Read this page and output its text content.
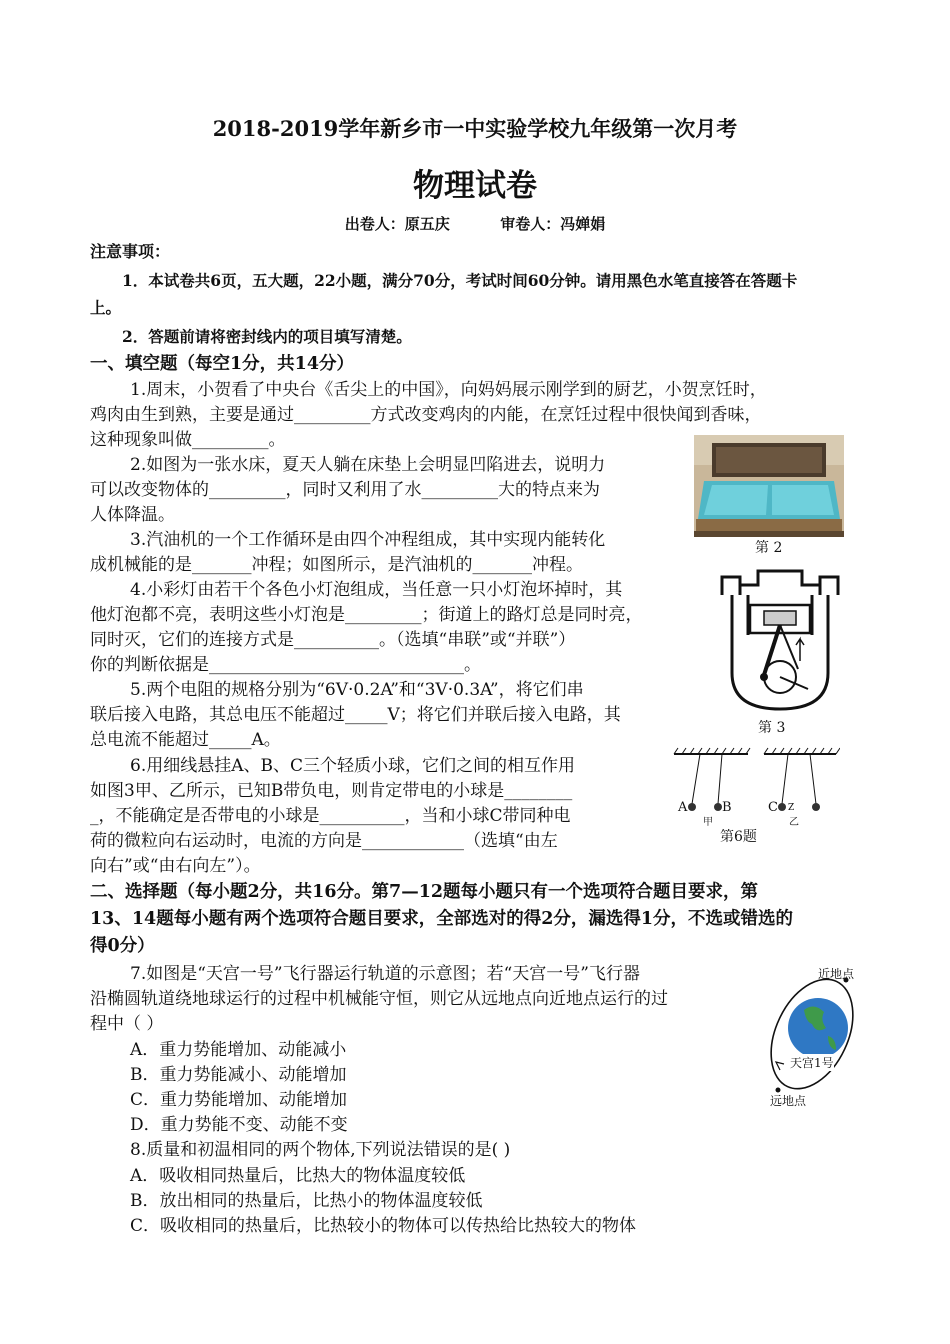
2018-2019学年新乡市一中实验学校九年级第一次月考
物理试卷
出卷人：原五庆	审卷人：冯婵娟
注意事项：
1．本试卷共6页，五大题，22小题，满分70分，考试时间60分钟。请用黑色水笔直接答在答题卡
上。
2．答题前请将密封线内的项目填写清楚。
一、填空题（每空1分，共14分）
1.周末，小贺看了中央台《舌尖上的中国》，向妈妈展示刚学到的厨艺，小贺烹饪时，
鸡肉由生到熟，主要是通过_________方式改变鸡肉的内能，在烹饪过程中很快闻到香味，
这种现象叫做_________。
2.如图为一张水床，夏天人躺在床垫上会明显凹陷进去，说明力
可以改变物体的_________，同时又利用了水_________大的特点来为
人体降温。
3.汽油机的一个工作循环是由四个冲程组成，其中实现内能转化
成机械能的是_______冲程；如图所示，是汽油机的_______冲程。
4.小彩灯由若干个各色小灯泡组成，当任意一只小灯泡坏掉时，其
他灯泡都不亮，表明这些小灯泡是_________；街道上的路灯总是同时亮，
同时灭，它们的连接方式是__________。（选填“串联”或“并联”）
你的判断依据是______________________________。
5.两个电阻的规格分别为“6V·0.2A”和“3V·0.3A”，将它们串
联后接入电路，其总电压不能超过_____V；将它们并联后接入电路，其
总电流不能超过_____A。
6.用细线悬挂A、B、C三个轻质小球，它们之间的相互作用
如图3甲、乙所示，已知B带负电，则肯定带电的小球是________
_，不能确定是否带电的小球是__________，当和小球C带同种电
荷的微粒向右运动时，电流的方向是____________（选填“由左
向右”或“由右向左”）。
二、选择题（每小题2分，共16分。第7—12题每小题只有一个选项符合题目要求，第
13、14题每小题有两个选项符合题目要求，全部选对的得2分，漏选得1分，不选或错选的
得0分）
7.如图是“天宫一号”飞行器运行轨道的示意图；若“天宫一号”飞行器
沿椭圆轨道绕地球运行的过程中机械能守恒，则它从远地点向近地点运行的过
程中（ ）
A．重力势能增加、动能减小
B．重力势能减小、动能增加
C．重力势能增加、动能增加
D．重力势能不变、动能不变
8.质量和初温相同的两个物体,下列说法错误的是( )
A．吸收相同热量后，比热大的物体温度较低
B．放出相同的热量后，比热小的物体温度较低
C．吸收相同的热量后，比热较小的物体可以传热给比热较大的物体
第 2
第 3
A	B
甲
C Z
乙
第6题
近地点
天宫1号
远地点
